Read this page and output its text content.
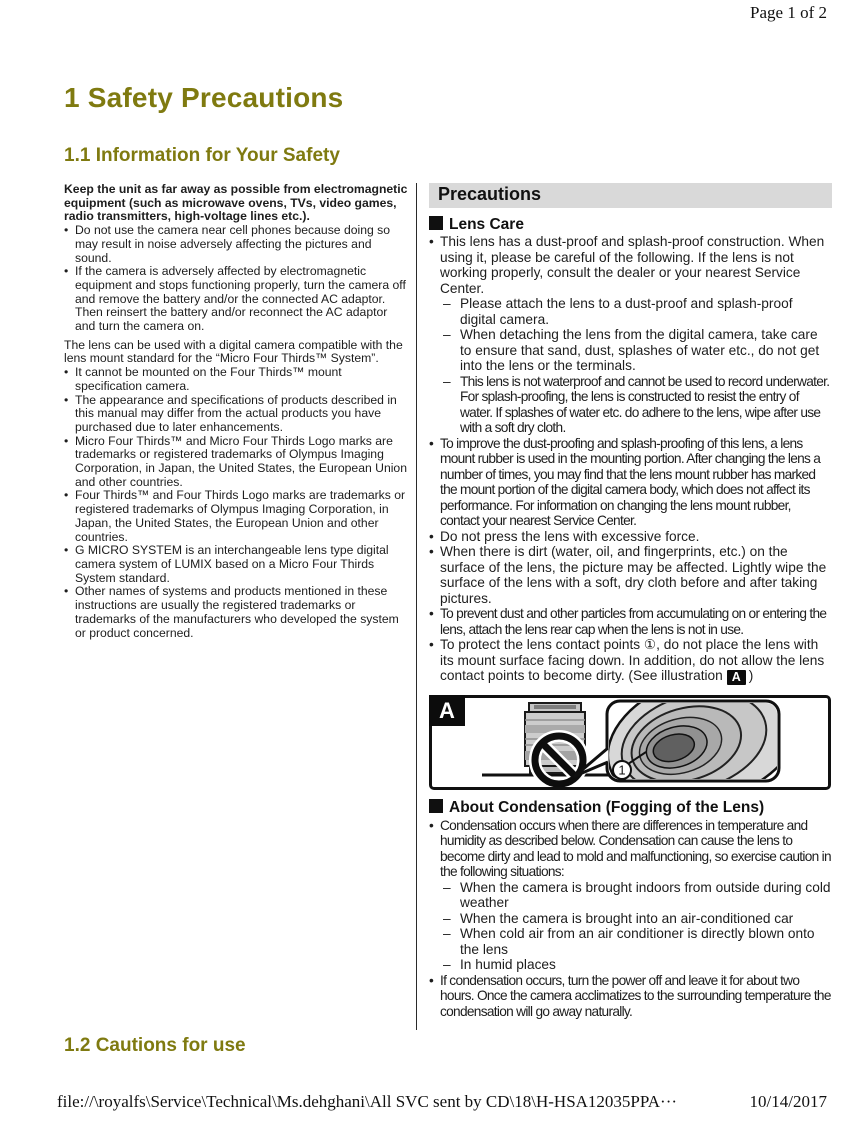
Page 1 of 2
1 Safety Precautions
1.1 Information for Your Safety
Keep the unit as far away as possible from electromagnetic equipment (such as microwave ovens, TVs, video games, radio transmitters, high-voltage lines etc.).
• Do not use the camera near cell phones because doing so may result in noise adversely affecting the pictures and sound.
• If the camera is adversely affected by electromagnetic equipment and stops functioning properly, turn the camera off and remove the battery and/or the connected AC adaptor. Then reinsert the battery and/or reconnect the AC adaptor and turn the camera on.
The lens can be used with a digital camera compatible with the lens mount standard for the “Micro Four Thirds™ System”.
• It cannot be mounted on the Four Thirds™ mount specification camera.
• The appearance and specifications of products described in this manual may differ from the actual products you have purchased due to later enhancements.
• Micro Four Thirds™ and Micro Four Thirds Logo marks are trademarks or registered trademarks of Olympus Imaging Corporation, in Japan, the United States, the European Union and other countries.
• Four Thirds™ and Four Thirds Logo marks are trademarks or registered trademarks of Olympus Imaging Corporation, in Japan, the United States, the European Union and other countries.
• G MICRO SYSTEM is an interchangeable lens type digital camera system of LUMIX based on a Micro Four Thirds System standard.
• Other names of systems and products mentioned in these instructions are usually the registered trademarks or trademarks of the manufacturers who developed the system or product concerned.
Precautions
Lens Care
• This lens has a dust-proof and splash-proof construction. When using it, please be careful of the following. If the lens is not working properly, consult the dealer or your nearest Service Center.
– Please attach the lens to a dust-proof and splash-proof digital camera.
– When detaching the lens from the digital camera, take care to ensure that sand, dust, splashes of water etc., do not get into the lens or the terminals.
– This lens is not waterproof and cannot be used to record underwater. For splash-proofing, the lens is constructed to resist the entry of water. If splashes of water etc. do adhere to the lens, wipe after use with a soft dry cloth.
• To improve the dust-proofing and splash-proofing of this lens, a lens mount rubber is used in the mounting portion. After changing the lens a number of times, you may find that the lens mount rubber has marked the mount portion of the digital camera body, which does not affect its performance. For information on changing the lens mount rubber, contact your nearest Service Center.
• Do not press the lens with excessive force.
• When there is dirt (water, oil, and fingerprints, etc.) on the surface of the lens, the picture may be affected. Lightly wipe the surface of the lens with a soft, dry cloth before and after taking pictures.
• To prevent dust and other particles from accumulating on or entering the lens, attach the lens rear cap when the lens is not in use.
• To protect the lens contact points ①, do not place the lens with its mount surface facing down. In addition, do not allow the lens contact points to become dirty. (See illustration A )
A
1
About Condensation (Fogging of the Lens)
• Condensation occurs when there are differences in temperature and humidity as described below. Condensation can cause the lens to become dirty and lead to mold and malfunctioning, so exercise caution in the following situations:
– When the camera is brought indoors from outside during cold weather
– When the camera is brought into an air-conditioned car
– When cold air from an air conditioner is directly blown onto the lens
– In humid places
• If condensation occurs, turn the power off and leave it for about two hours. Once the camera acclimatizes to the surrounding temperature the condensation will go away naturally.
1.2 Cautions for use
file://\royalfs\Service\Technical\Ms.dehghani\All SVC sent by CD\18\H-HSA12035PPA···	10/14/2017
